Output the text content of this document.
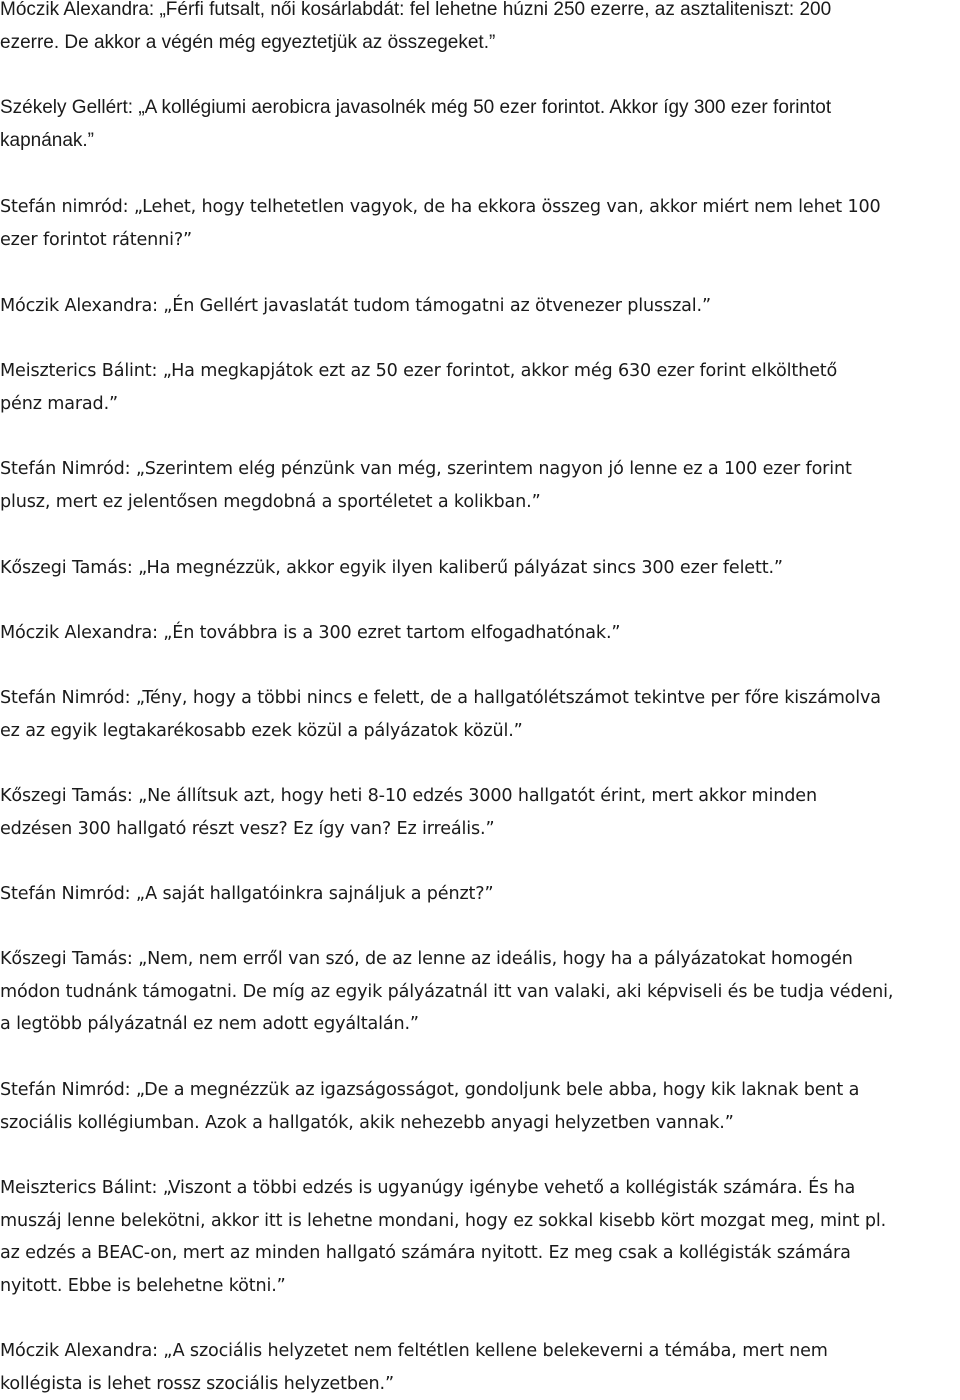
Móczik Alexandra: „Férfi futsalt, női kosárlabdát: fel lehetne húzni 250 ezerre, az asztaliteniszt: 200
ezerre. De akkor a végén még egyeztetjük az összegeket.”

Székely Gellért: „A kollégiumi aerobicra javasolnék még 50 ezer forintot. Akkor így 300 ezer forintot
kapnának.”

Stefán nimród: „Lehet, hogy telhetetlen vagyok, de ha ekkora összeg van, akkor miért nem lehet 100
ezer forintot rátenni?”

Móczik Alexandra: „Én Gellért javaslatát tudom támogatni az ötvenezer plusszal.”

Meiszterics Bálint: „Ha megkapjátok ezt az 50 ezer forintot, akkor még 630 ezer forint elkölthető
pénz marad.”

Stefán Nimród: „Szerintem elég pénzünk van még, szerintem nagyon jó lenne ez a 100 ezer forint
plusz, mert ez jelentősen megdobná a sportéletet a kolikban.”

Kőszegi Tamás: „Ha megnézzük, akkor egyik ilyen kaliberű pályázat sincs 300 ezer felett.”

Móczik Alexandra: „Én továbbra is a 300 ezret tartom elfogadhatónak.”

Stefán Nimród: „Tény, hogy a többi nincs e felett, de a hallgatólétszámot tekintve per főre kiszámolva
ez az egyik legtakarékosabb ezek közül a pályázatok közül.”

Kőszegi Tamás: „Ne állítsuk azt, hogy heti 8-10 edzés 3000 hallgatót érint, mert akkor minden
edzésen 300 hallgató részt vesz? Ez így van? Ez irreális.”

Stefán Nimród: „A saját hallgatóinkra sajnáljuk a pénzt?”

Kőszegi Tamás: „Nem, nem erről van szó, de az lenne az ideális, hogy ha a pályázatokat homogén
módon tudnánk támogatni. De míg az egyik pályázatnál itt van valaki, aki képviseli és be tudja védeni,
a legtöbb pályázatnál ez nem adott egyáltalán.”

Stefán Nimród: „De a megnézzük az igazságosságot, gondoljunk bele abba, hogy kik laknak bent a
szociális kollégiumban. Azok a hallgatók, akik nehezebb anyagi helyzetben vannak.”

Meiszterics Bálint: „Viszont a többi edzés is ugyanúgy igénybe vehető a kollégisták számára. És ha
muszáj lenne belekötni, akkor itt is lehetne mondani, hogy ez sokkal kisebb kört mozgat meg, mint pl.
az edzés a BEAC-on, mert az minden hallgató számára nyitott. Ez meg csak a kollégisták számára
nyitott. Ebbe is belehetne kötni.”

Móczik Alexandra: „A szociális helyzetet nem feltétlen kellene belekeverni a témába, mert nem
kollégista is lehet rossz szociális helyzetben.”
